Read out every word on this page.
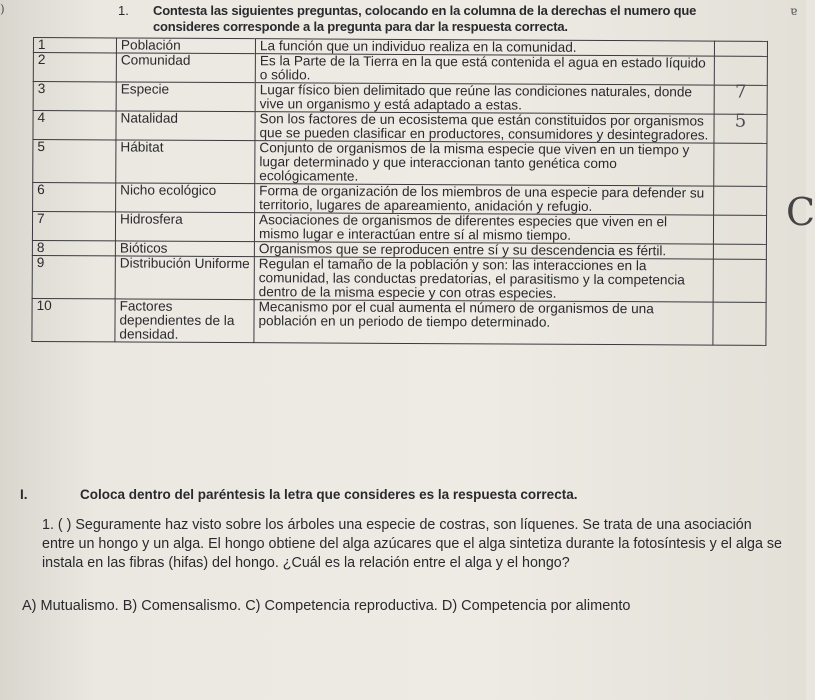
1. Contesta las siguientes preguntas, colocando en la columna de la derechas el numero que
consideres corresponde a la pregunta para dar la respuesta correcta.
1	Población	La función que un individuo realiza en la comunidad.	
2	Comunidad	Es la Parte de la Tierra en la que está contenida el agua en estado líquido o sólido.	
3	Especie	Lugar físico bien delimitado que reúne las condiciones naturales, donde vive un organismo y está adaptado a estas.	7
4	Natalidad	Son los factores de un ecosistema que están constituidos por organismos que se pueden clasificar en productores, consumidores y desintegradores.	5
5	Hábitat	Conjunto de organismos de la misma especie que viven en un tiempo y lugar determinado y que interaccionan tanto genética como ecológicamente.	
6	Nicho ecológico	Forma de organización de los miembros de una especie para defender su territorio, lugares de apareamiento, anidación y refugio.	
7	Hidrosfera	Asociaciones de organismos de diferentes especies que viven en el mismo lugar e interactúan entre sí al mismo tiempo.	
8	Bióticos	Organismos que se reproducen entre sí y su descendencia es fértil.	
9	Distribución Uniforme	Regulan el tamaño de la población y son: las interacciones en la comunidad, las conductas predatorias, el parasitismo y la competencia dentro de la misma especie y con otras especies.	
10	Factores dependientes de la densidad.	Mecanismo por el cual aumenta el número de organismos de una población en un periodo de tiempo determinado.	
ɐ
)
C
I.	Coloca dentro del paréntesis la letra que consideres es la respuesta correcta.
1. ( ) Seguramente haz visto sobre los árboles una especie de costras, son líquenes. Se trata de una asociación entre un hongo y un alga. El hongo obtiene del alga azúcares que el alga sintetiza durante la fotosíntesis y el alga se instala en las fibras (hifas) del hongo. ¿Cuál es la relación entre el alga y el hongo?
A) Mutualismo. B) Comensalismo. C) Competencia reproductiva. D) Competencia por alimento
